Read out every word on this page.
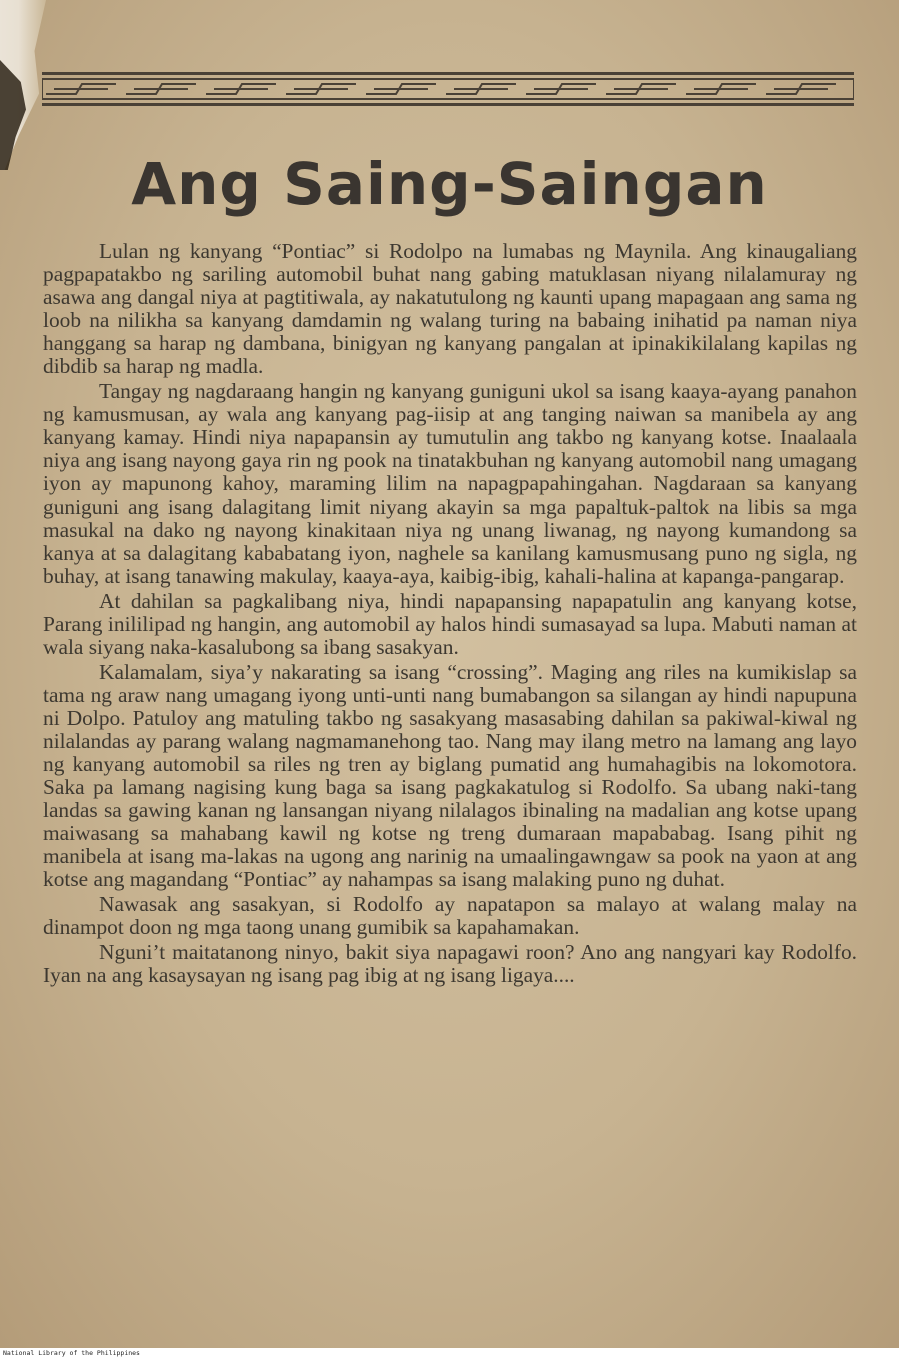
Ang Saing-Saingan

Lulan ng kanyang “Pontiac” si Rodolpo na lumabas ng Maynila. Ang kinaugaliang pagpapatakbo ng sariling automobil buhat nang gabing matuklasan niyang nilalamuray ng asawa ang dangal niya at pagtitiwala, ay nakatutulong ng kaunti upang mapagaan ang sama ng loob na nilikha sa kanyang damdamin ng walang turing na babaing inihatid pa naman niya hanggang sa harap ng dambana, binigyan ng kanyang pangalan at ipinakikilalang kapilas ng dibdib sa harap ng madla.

Tangay ng nagdaraang hangin ng kanyang guniguni ukol sa isang kaaya-ayang panahon ng kamusmusan, ay wala ang kanyang pag-iisip at ang tanging naiwan sa manibela ay ang kanyang kamay. Hindi niya napapansin ay tumutulin ang takbo ng kanyang kotse. Inaalaala niya ang isang nayong gaya rin ng pook na tinatakbuhan ng kanyang automobil nang umagang iyon ay mapunong kahoy, maraming lilim na napagpapahingahan. Nagdaraan sa kanyang guniguni ang isang dalagitang limit niyang akayin sa mga papaltuk-paltok na libis sa mga masukal na dako ng nayong kinakitaan niya ng unang liwanag, ng nayong kumandong sa kanya at sa dalagitang kababatang iyon, naghele sa kanilang kamusmusang puno ng sigla, ng buhay, at isang tanawing makulay, kaaya-aya, kaibig-ibig, kahali-halina at kapanga-pangarap.

At dahilan sa pagkalibang niya, hindi napapansing napapatulin ang kanyang kotse, Parang inililipad ng hangin, ang automobil ay halos hindi sumasayad sa lupa. Mabuti naman at wala siyang naka-kasalubong sa ibang sasakyan.

Kalamalam, siya’y nakarating sa isang “crossing”. Maging ang riles na kumikislap sa tama ng araw nang umagang iyong unti-unti nang bumabangon sa silangan ay hindi napupuna ni Dolpo. Patuloy ang matuling takbo ng sasakyang masasabing dahilan sa pakiwal-kiwal ng nilalandas ay parang walang nagmamanehong tao. Nang may ilang metro na lamang ang layo ng kanyang automobil sa riles ng tren ay biglang pumatid ang humahagibis na lokomotora. Saka pa lamang nagising kung baga sa isang pagkakatulog si Rodolfo. Sa ubang naki-tang landas sa gawing kanan ng lansangan niyang nilalagos ibinaling na madalian ang kotse upang maiwasang sa mahabang kawil ng kotse ng treng dumaraan mapababag. Isang pihit ng manibela at isang ma-lakas na ugong ang narinig na umaalingawngaw sa pook na yaon at ang kotse ang magandang “Pontiac” ay nahampas sa isang malaking puno ng duhat.

Nawasak ang sasakyan, si Rodolfo ay napatapon sa malayo at walang malay na dinampot doon ng mga taong unang gumibik sa kapahamakan.

Nguni’t maitatanong ninyo, bakit siya napagawi roon? Ano ang nangyari kay Rodolfo. Iyan na ang kasaysayan ng isang pag ibig at ng isang ligaya....

National Library of the Philippines
